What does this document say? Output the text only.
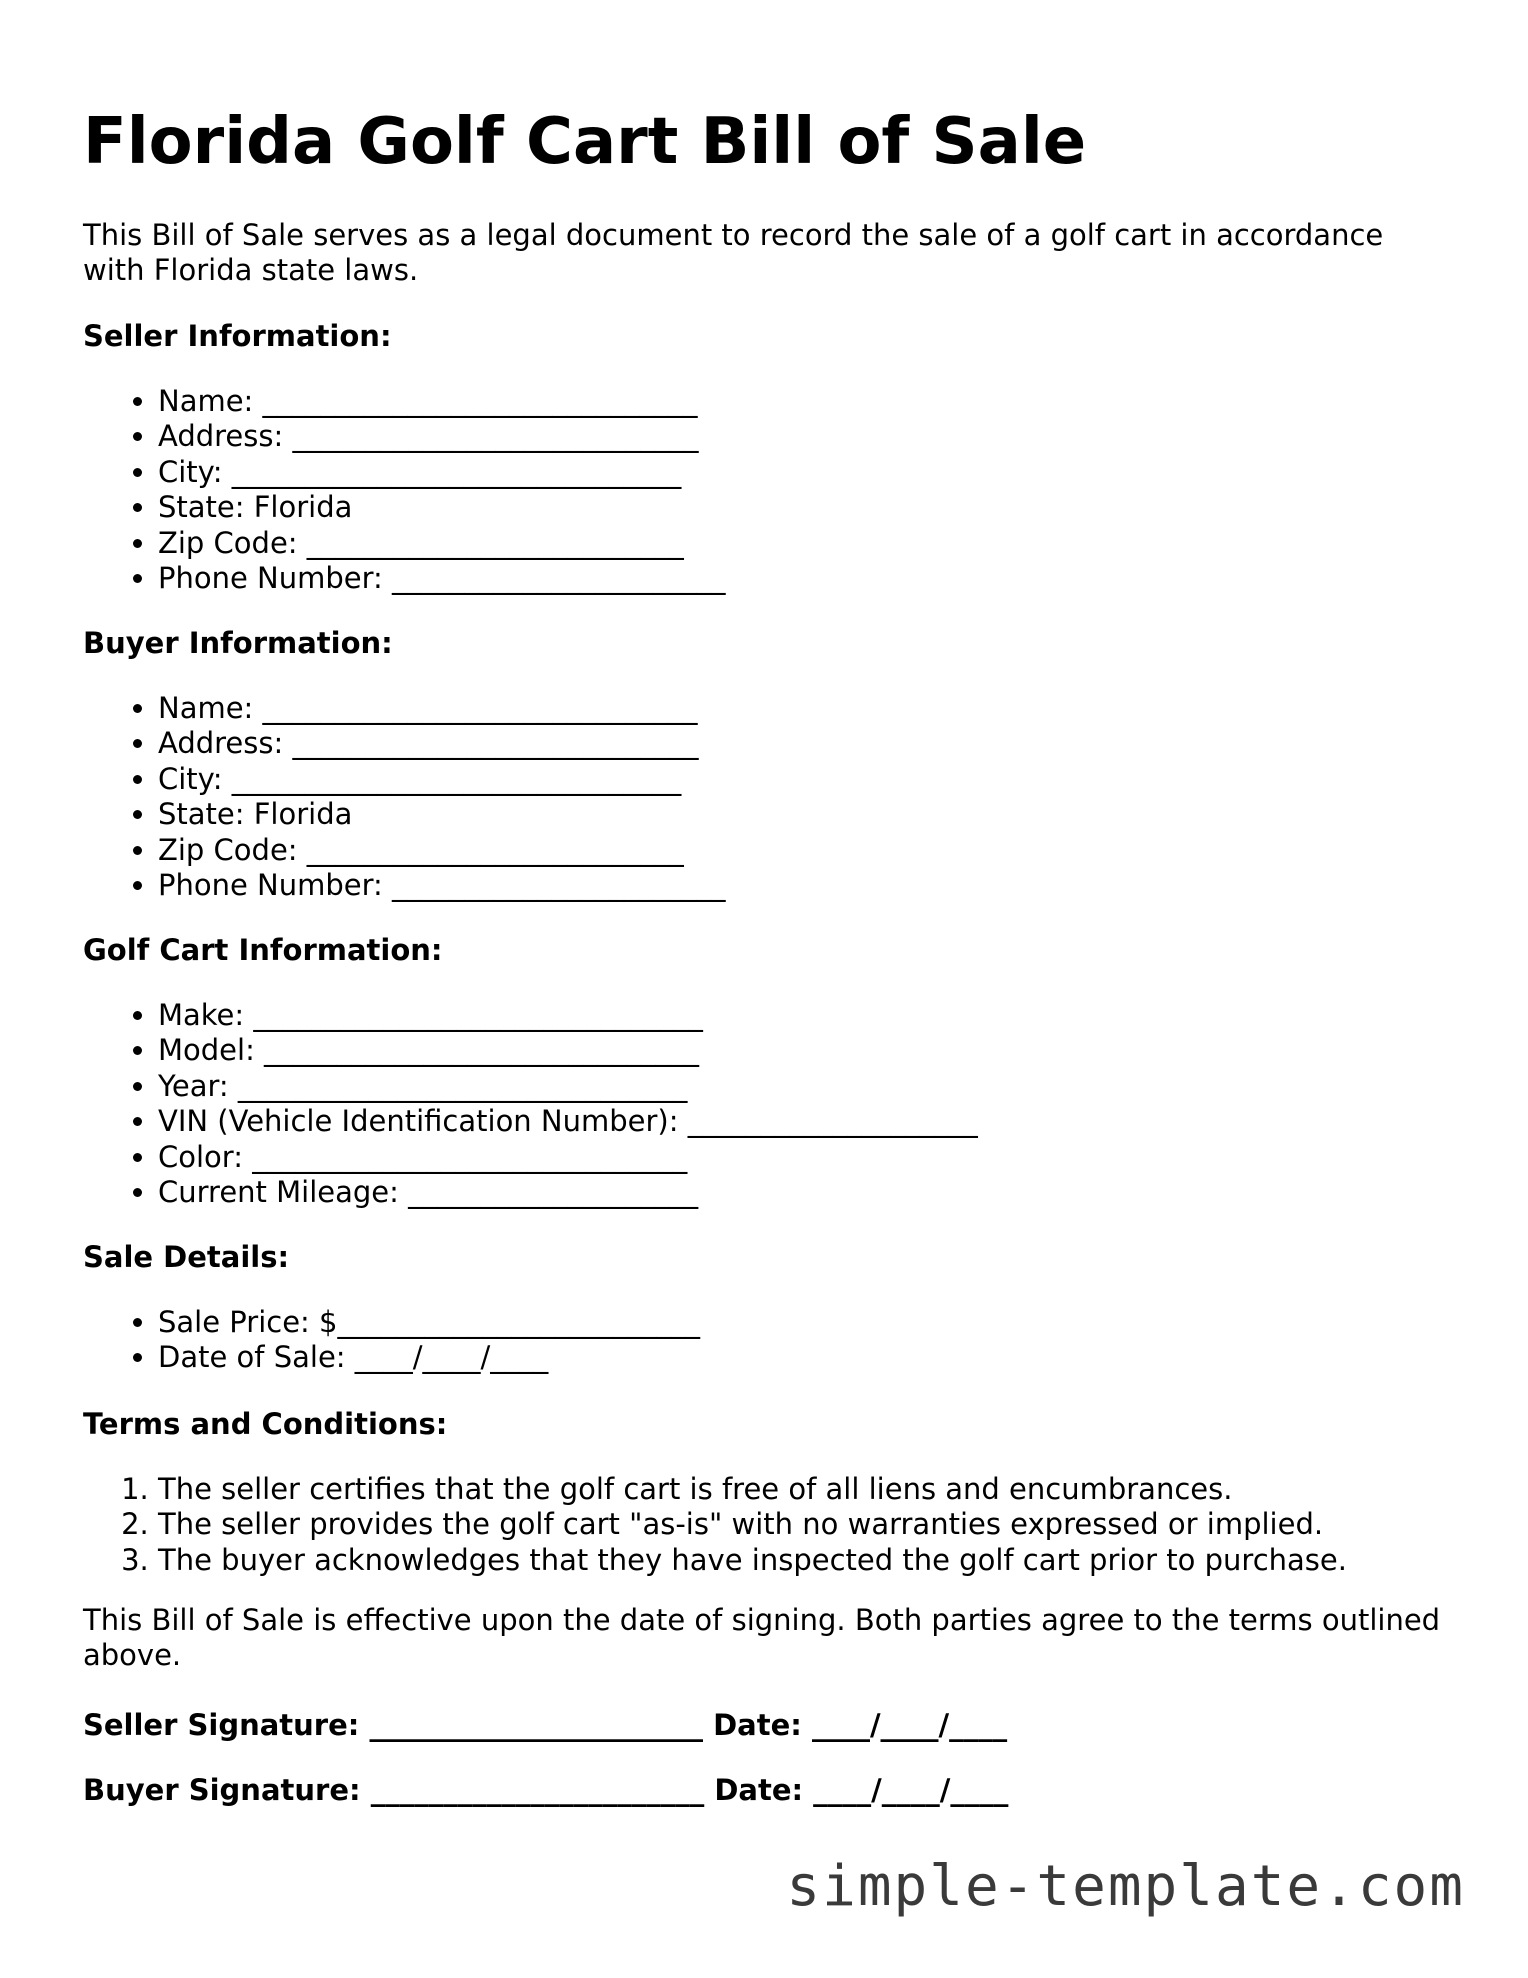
Florida Golf Cart Bill of Sale

This Bill of Sale serves as a legal document to record the sale of a golf cart in accordance with Florida state laws.

Seller Information:

• Name: ______________________________
• Address: ____________________________
• City: _______________________________
• State: Florida
• Zip Code: __________________________
• Phone Number: _______________________

Buyer Information:

• Name: ______________________________
• Address: ____________________________
• City: _______________________________
• State: Florida
• Zip Code: __________________________
• Phone Number: _______________________

Golf Cart Information:

• Make: _______________________________
• Model: ______________________________
• Year: _______________________________
• VIN (Vehicle Identification Number): ____________________
• Color: ______________________________
• Current Mileage: ____________________

Sale Details:

• Sale Price: $_________________________
• Date of Sale: ____/____/____

Terms and Conditions:

1. The seller certifies that the golf cart is free of all liens and encumbrances.
2. The seller provides the golf cart "as-is" with no warranties expressed or implied.
3. The buyer acknowledges that they have inspected the golf cart prior to purchase.

This Bill of Sale is effective upon the date of signing. Both parties agree to the terms outlined above.

Seller Signature: _______________________ Date: ____/____/____

Buyer Signature: _______________________ Date: ____/____/____

simple-template.com
